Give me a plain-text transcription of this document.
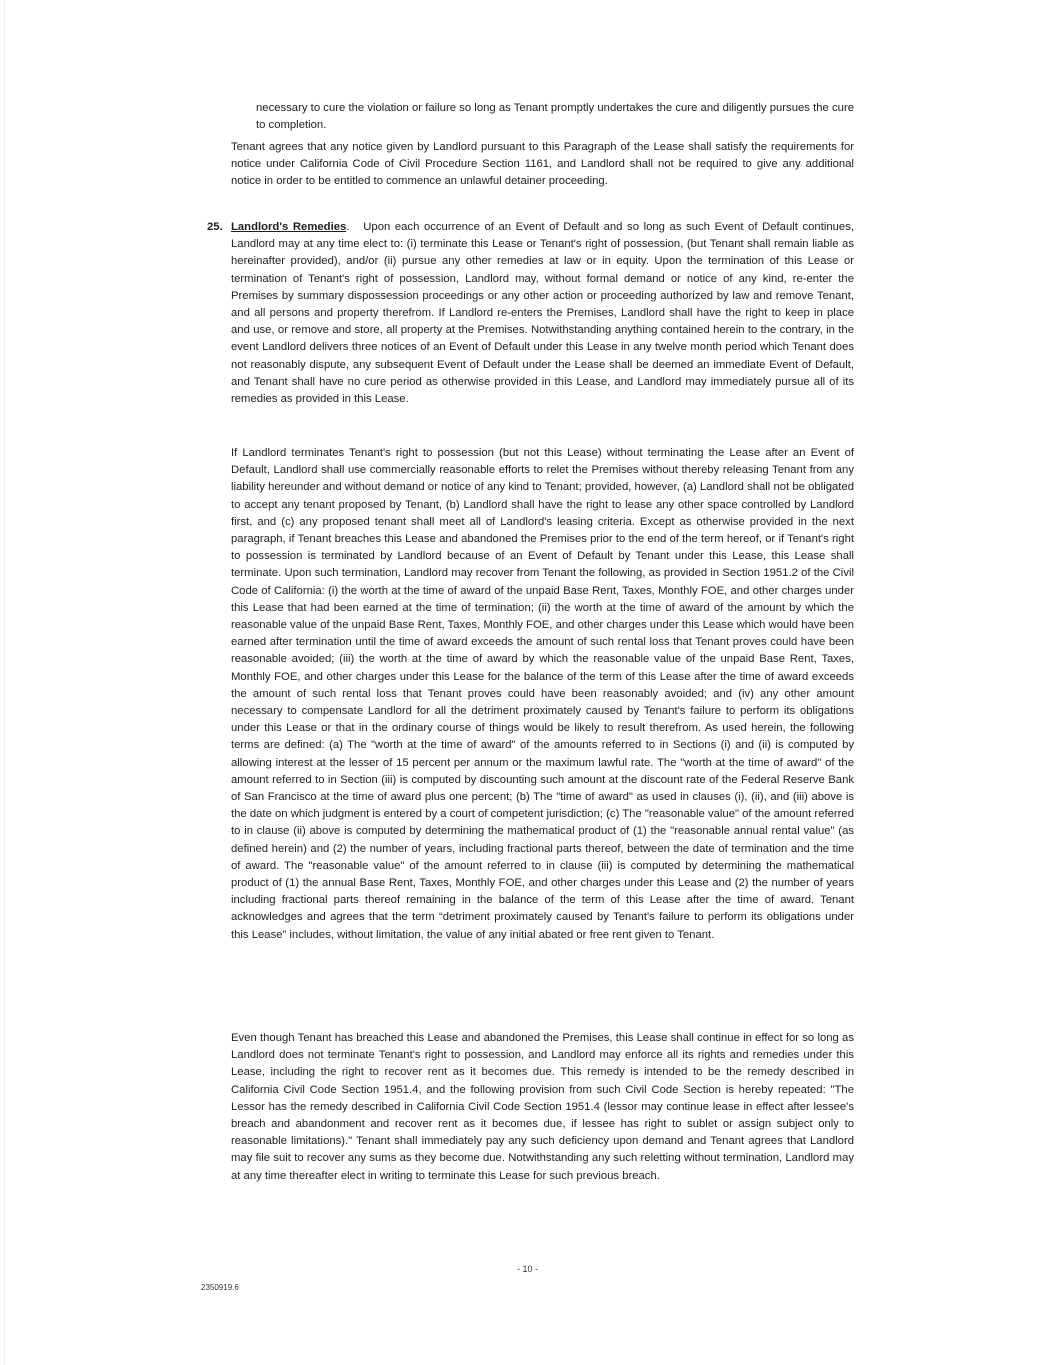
necessary to cure the violation or failure so long as Tenant promptly undertakes the cure and diligently pursues the cure to completion.

Tenant agrees that any notice given by Landlord pursuant to this Paragraph of the Lease shall satisfy the requirements for notice under California Code of Civil Procedure Section 1161, and Landlord shall not be required to give any additional notice in order to be entitled to commence an unlawful detainer proceeding.

25. Landlord's Remedies.   Upon each occurrence of an Event of Default and so long as such Event of Default continues, Landlord may at any time elect to: (i) terminate this Lease or Tenant's right of possession, (but Tenant shall remain liable as hereinafter provided), and/or (ii) pursue any other remedies at law or in equity. Upon the termination of this Lease or termination of Tenant's right of possession, Landlord may, without formal demand or notice of any kind, re-enter the Premises by summary dispossession proceedings or any other action or proceeding authorized by law and remove Tenant, and all persons and property therefrom. If Landlord re-enters the Premises, Landlord shall have the right to keep in place and use, or remove and store, all property at the Premises. Notwithstanding anything contained herein to the contrary, in the event Landlord delivers three notices of an Event of Default under this Lease in any twelve month period which Tenant does not reasonably dispute, any subsequent Event of Default under the Lease shall be deemed an immediate Event of Default, and Tenant shall have no cure period as otherwise provided in this Lease, and Landlord may immediately pursue all of its remedies as provided in this Lease.

If Landlord terminates Tenant's right to possession (but not this Lease) without terminating the Lease after an Event of Default, Landlord shall use commercially reasonable efforts to relet the Premises without thereby releasing Tenant from any liability hereunder and without demand or notice of any kind to Tenant; provided, however, (a) Landlord shall not be obligated to accept any tenant proposed by Tenant, (b) Landlord shall have the right to lease any other space controlled by Landlord first, and (c) any proposed tenant shall meet all of Landlord's leasing criteria. Except as otherwise provided in the next paragraph, if Tenant breaches this Lease and abandoned the Premises prior to the end of the term hereof, or if Tenant's right to possession is terminated by Landlord because of an Event of Default by Tenant under this Lease, this Lease shall terminate. Upon such termination, Landlord may recover from Tenant the following, as provided in Section 1951.2 of the Civil Code of California: (i) the worth at the time of award of the unpaid Base Rent, Taxes, Monthly FOE, and other charges under this Lease that had been earned at the time of termination; (ii) the worth at the time of award of the amount by which the reasonable value of the unpaid Base Rent, Taxes, Monthly FOE, and other charges under this Lease which would have been earned after termination until the time of award exceeds the amount of such rental loss that Tenant proves could have been reasonable avoided; (iii) the worth at the time of award by which the reasonable value of the unpaid Base Rent, Taxes, Monthly FOE, and other charges under this Lease for the balance of the term of this Lease after the time of award exceeds the amount of such rental loss that Tenant proves could have been reasonably avoided; and (iv) any other amount necessary to compensate Landlord for all the detriment proximately caused by Tenant's failure to perform its obligations under this Lease or that in the ordinary course of things would be likely to result therefrom. As used herein, the following terms are defined: (a) The "worth at the time of award" of the amounts referred to in Sections (i) and (ii) is computed by allowing interest at the lesser of 15 percent per annum or the maximum lawful rate. The "worth at the time of award" of the amount referred to in Section (iii) is computed by discounting such amount at the discount rate of the Federal Reserve Bank of San Francisco at the time of award plus one percent; (b) The "time of award" as used in clauses (i), (ii), and (iii) above is the date on which judgment is entered by a court of competent jurisdiction; (c) The "reasonable value" of the amount referred to in clause (ii) above is computed by determining the mathematical product of (1) the "reasonable annual rental value" (as defined herein) and (2) the number of years, including fractional parts thereof, between the date of termination and the time of award. The "reasonable value" of the amount referred to in clause (iii) is computed by determining the mathematical product of (1) the annual Base Rent, Taxes, Monthly FOE, and other charges under this Lease and (2) the number of years including fractional parts thereof remaining in the balance of the term of this Lease after the time of award. Tenant acknowledges and agrees that the term “detriment proximately caused by Tenant's failure to perform its obligations under this Lease” includes, without limitation, the value of any initial abated or free rent given to Tenant.

Even though Tenant has breached this Lease and abandoned the Premises, this Lease shall continue in effect for so long as Landlord does not terminate Tenant's right to possession, and Landlord may enforce all its rights and remedies under this Lease, including the right to recover rent as it becomes due. This remedy is intended to be the remedy described in California Civil Code Section 1951.4, and the following provision from such Civil Code Section is hereby repeated: "The Lessor has the remedy described in California Civil Code Section 1951.4 (lessor may continue lease in effect after lessee's breach and abandonment and recover rent as it becomes due, if lessee has right to sublet or assign subject only to reasonable limitations)." Tenant shall immediately pay any such deficiency upon demand and Tenant agrees that Landlord may file suit to recover any sums as they become due. Notwithstanding any such reletting without termination, Landlord may at any time thereafter elect in writing to terminate this Lease for such previous breach.

- 10 -
2350919.6
